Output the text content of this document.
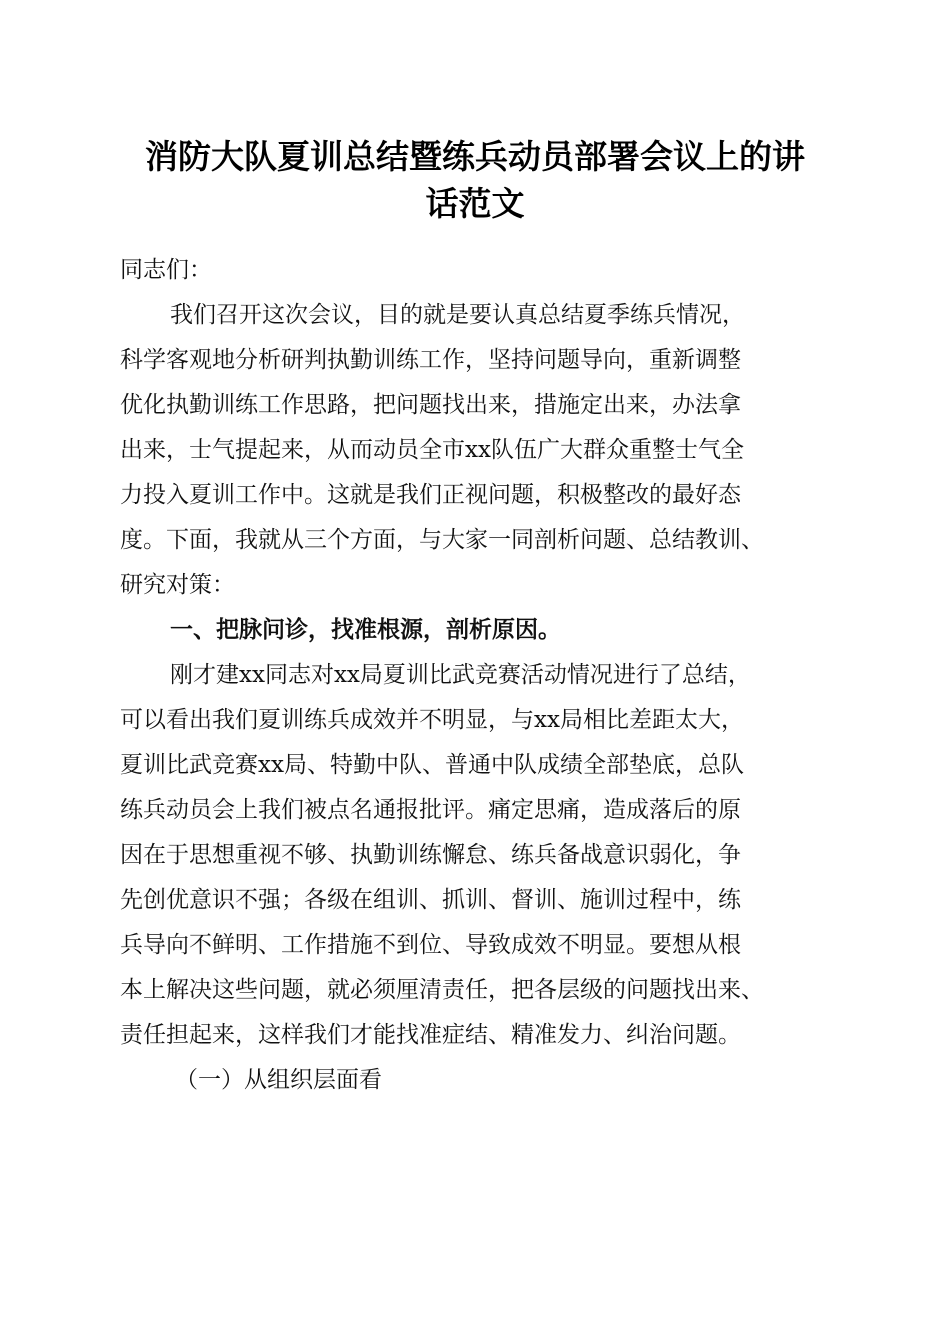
消防大队夏训总结暨练兵动员部署会议上的讲
话范文
同志们：
我们召开这次会议，目的就是要认真总结夏季练兵情况，
科学客观地分析研判执勤训练工作，坚持问题导向，重新调整
优化执勤训练工作思路，把问题找出来，措施定出来，办法拿
出来，士气提起来，从而动员全市xx队伍广大群众重整士气全
力投入夏训工作中。这就是我们正视问题，积极整改的最好态
度。下面，我就从三个方面，与大家一同剖析问题、总结教训、
研究对策：
一、把脉问诊，找准根源，剖析原因。
刚才建xx同志对xx局夏训比武竞赛活动情况进行了总结，
可以看出我们夏训练兵成效并不明显，与xx局相比差距太大，
夏训比武竞赛xx局、特勤中队、普通中队成绩全部垫底，总队
练兵动员会上我们被点名通报批评。痛定思痛，造成落后的原
因在于思想重视不够、执勤训练懈怠、练兵备战意识弱化，争
先创优意识不强；各级在组训、抓训、督训、施训过程中，练
兵导向不鲜明、工作措施不到位、导致成效不明显。要想从根
本上解决这些问题，就必须厘清责任，把各层级的问题找出来、
责任担起来，这样我们才能找准症结、精准发力、纠治问题。
（一）从组织层面看
